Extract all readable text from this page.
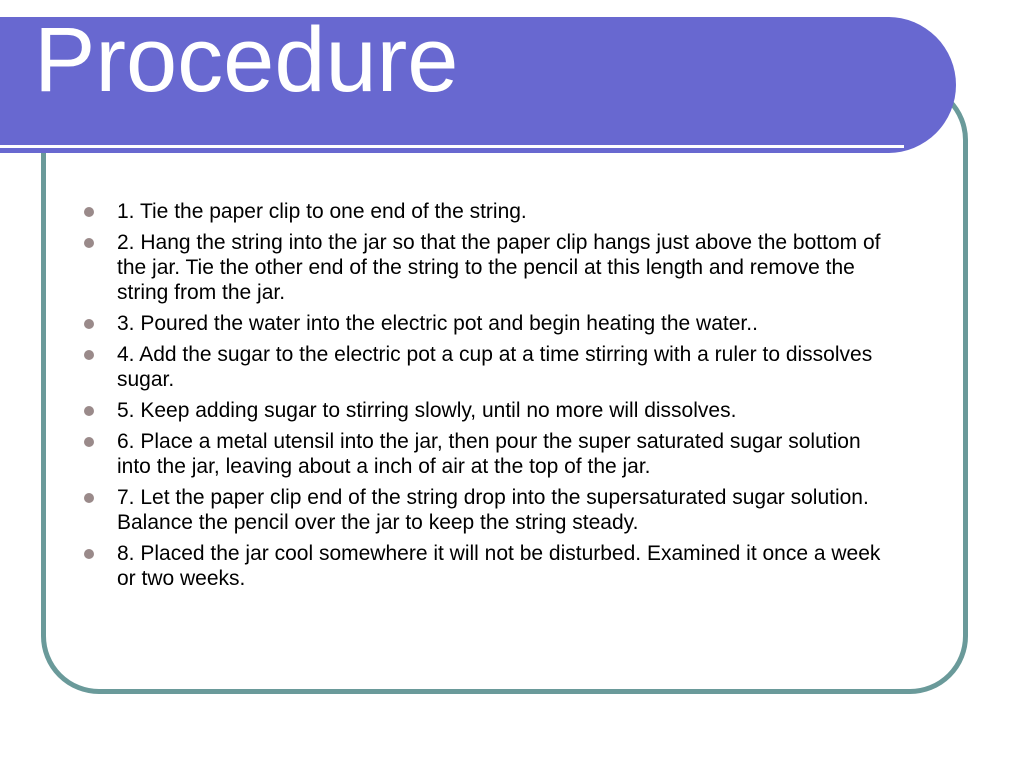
Procedure
1. Tie the paper clip to one end of the string.
2. Hang the string into the jar so that the paper clip hangs just above the bottom of the jar. Tie the other end of the string to the pencil at this length and remove the string from the jar.
3. Poured the water into the electric pot and begin heating the water..
4. Add the sugar to the electric pot a cup at a time stirring with a ruler to dissolves sugar.
5. Keep adding sugar to stirring slowly, until no more will dissolves.
6. Place a metal utensil into the jar, then pour the super saturated sugar solution into the jar, leaving about a inch of air at the top of the jar.
7. Let the paper clip end of the string drop into the supersaturated sugar solution. Balance the pencil over the jar to keep the string steady.
8. Placed the jar cool somewhere it will not be disturbed. Examined it once a week or two weeks.
